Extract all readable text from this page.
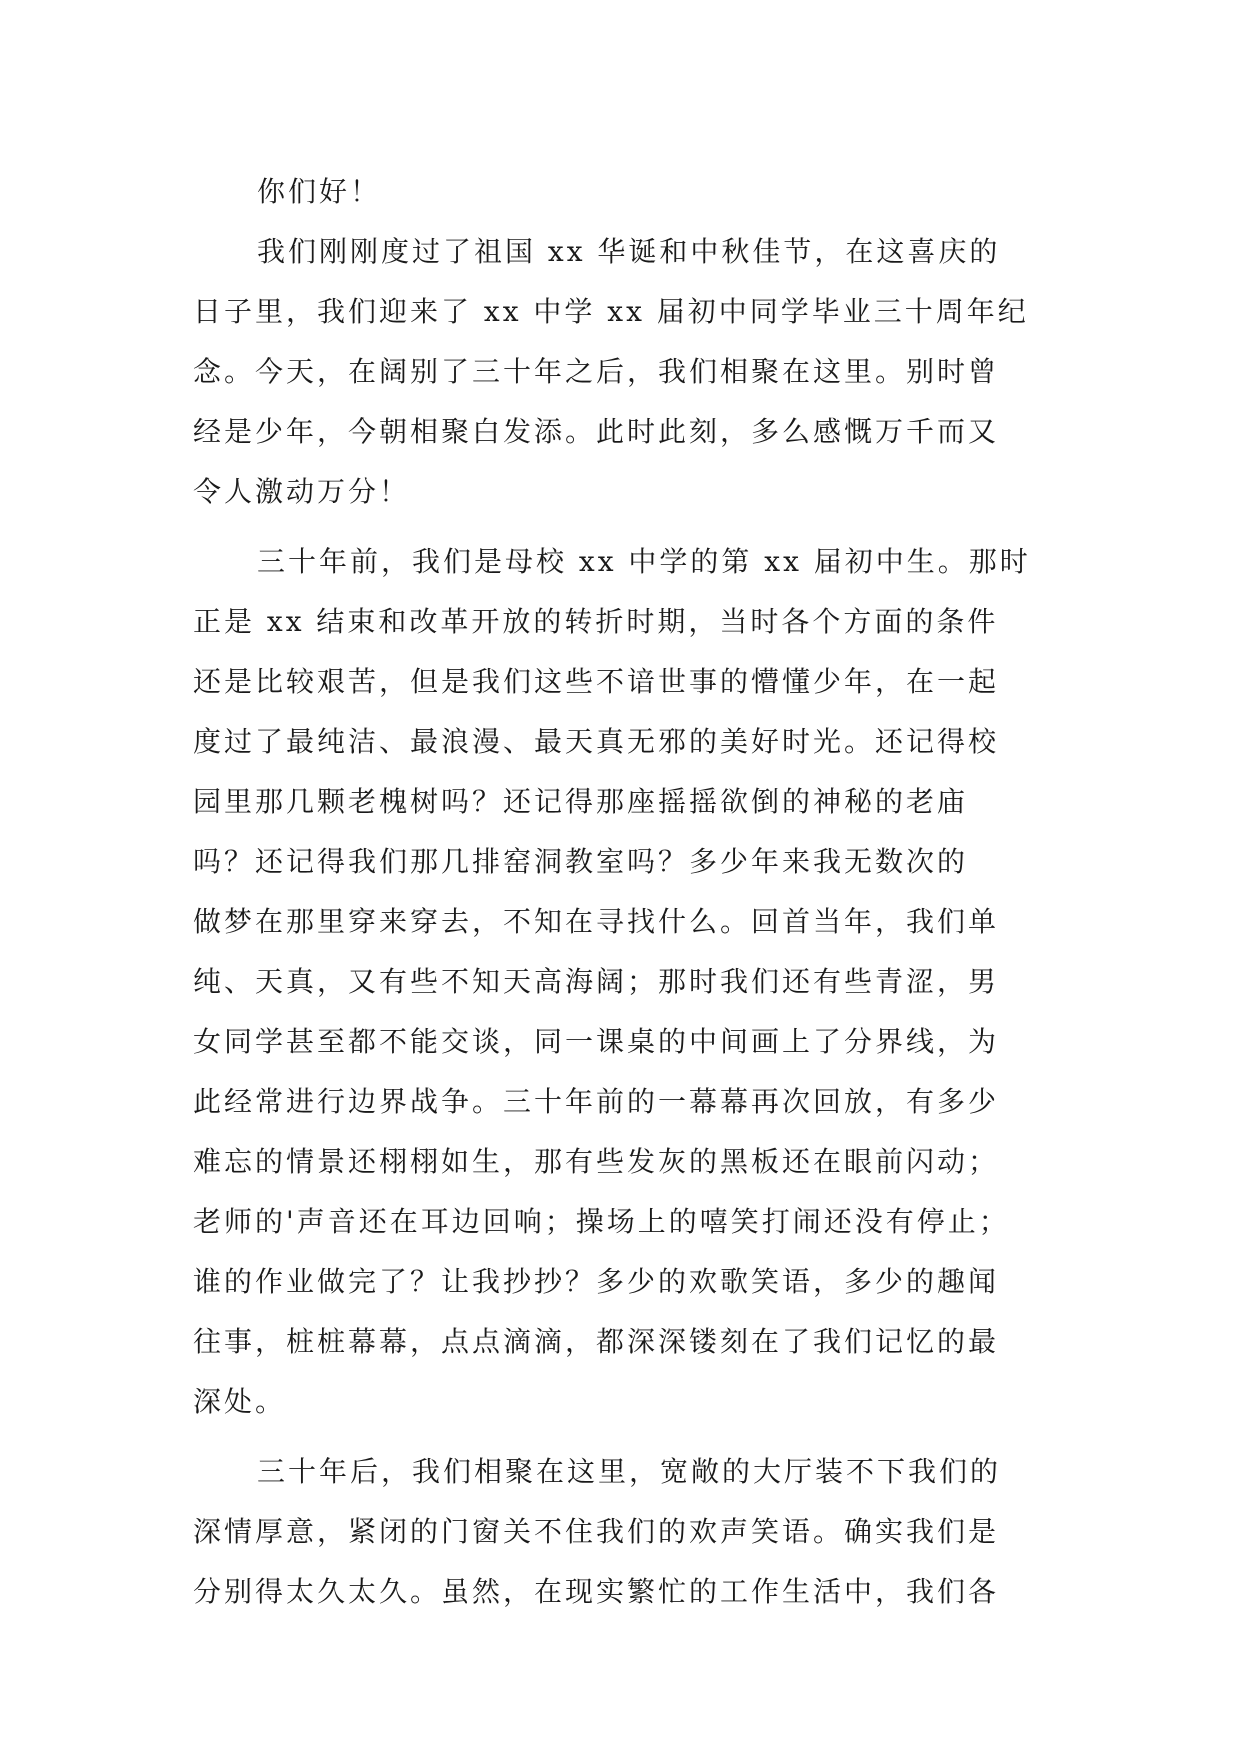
你们好！

我们刚刚度过了祖国 xx 华诞和中秋佳节，在这喜庆的
日子里，我们迎来了 xx 中学 xx 届初中同学毕业三十周年纪
念。今天，在阔别了三十年之后，我们相聚在这里。别时曾
经是少年，今朝相聚白发添。此时此刻，多么感慨万千而又
令人激动万分！

三十年前，我们是母校 xx 中学的第 xx 届初中生。那时
正是 xx 结束和改革开放的转折时期，当时各个方面的条件
还是比较艰苦，但是我们这些不谙世事的懵懂少年，在一起
度过了最纯洁、最浪漫、最天真无邪的美好时光。还记得校
园里那几颗老槐树吗？还记得那座摇摇欲倒的神秘的老庙
吗？还记得我们那几排窑洞教室吗？多少年来我无数次的
做梦在那里穿来穿去，不知在寻找什么。回首当年，我们单
纯、天真，又有些不知天高海阔；那时我们还有些青涩，男
女同学甚至都不能交谈，同一课桌的中间画上了分界线，为
此经常进行边界战争。三十年前的一幕幕再次回放，有多少
难忘的情景还栩栩如生，那有些发灰的黑板还在眼前闪动；
老师的'声音还在耳边回响；操场上的嘻笑打闹还没有停止；
谁的作业做完了？让我抄抄？多少的欢歌笑语，多少的趣闻
往事，桩桩幕幕，点点滴滴，都深深镂刻在了我们记忆的最
深处。

三十年后，我们相聚在这里，宽敞的大厅装不下我们的
深情厚意，紧闭的门窗关不住我们的欢声笑语。确实我们是
分别得太久太久。虽然，在现实繁忙的工作生活中，我们各
